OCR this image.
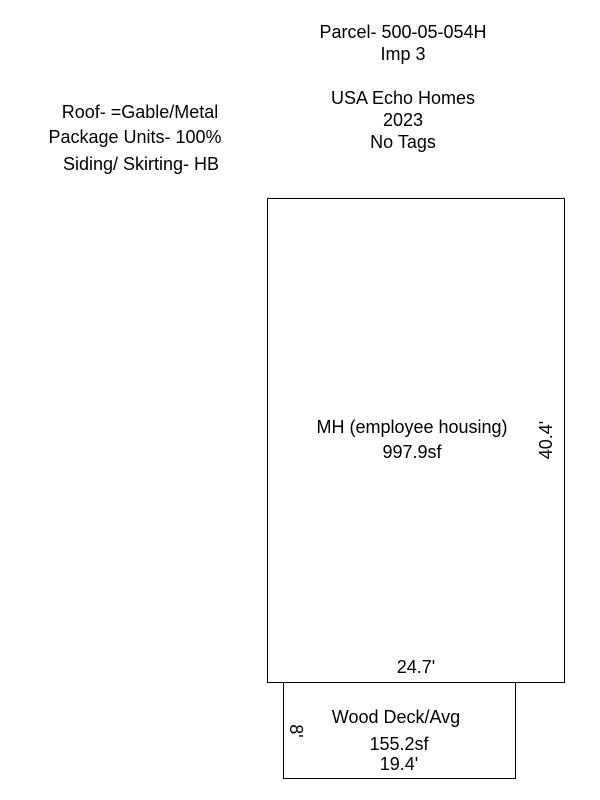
Parcel- 500-05-054H
Imp 3
USA Echo Homes
2023
No Tags
Roof- =Gable/Metal
Package Units- 100%
Siding/ Skirting- HB
MH (employee housing)
997.9sf	40.4'
24.7'
Wood Deck/Avg
155.2sf
19.4'
8'
